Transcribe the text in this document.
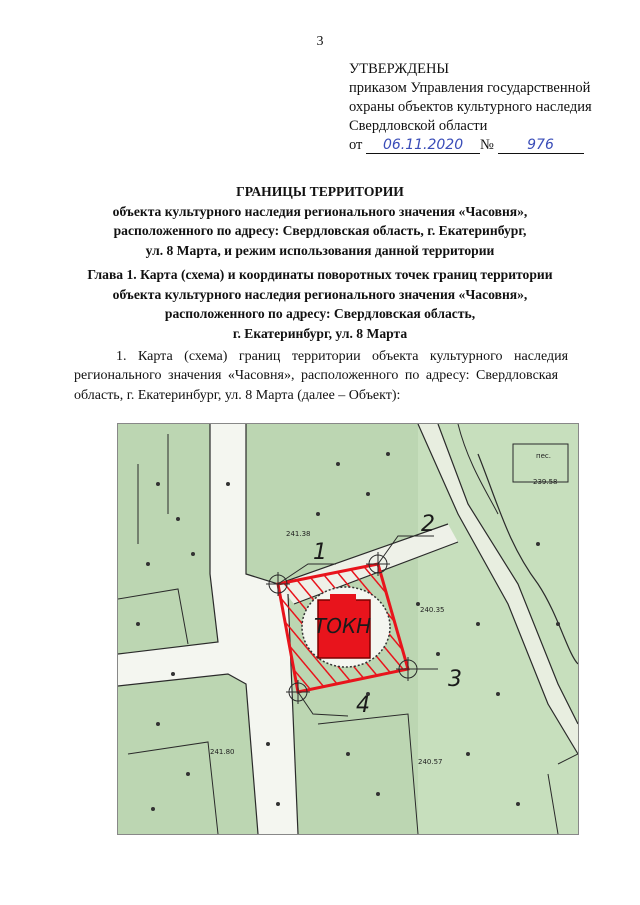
3
УТВЕРЖДЕНЫ
приказом Управления государственной
охраны объектов культурного наследия
Свердловской области
от 06.11.2020 № 976
ГРАНИЦЫ ТЕРРИТОРИИ
объекта культурного наследия регионального значения «Часовня»,
расположенного по адресу: Свердловская область, г. Екатеринбург,
ул. 8 Марта, и режим использования данной территории
Глава 1. Карта (схема) и координаты поворотных точек границ территории
объекта культурного наследия регионального значения «Часовня»,
расположенного по адресу: Свердловская область,
г. Екатеринбург, ул. 8 Марта
1. Карта (схема) границ территории объекта культурного наследия
регионального значения «Часовня», расположенного по адресу: Свердловская
область, г. Екатеринбург, ул. 8 Марта (далее – Объект):
ТОКН
1
2
3
4
241.38
240.35
241.80
240.57
239.58
пес.
